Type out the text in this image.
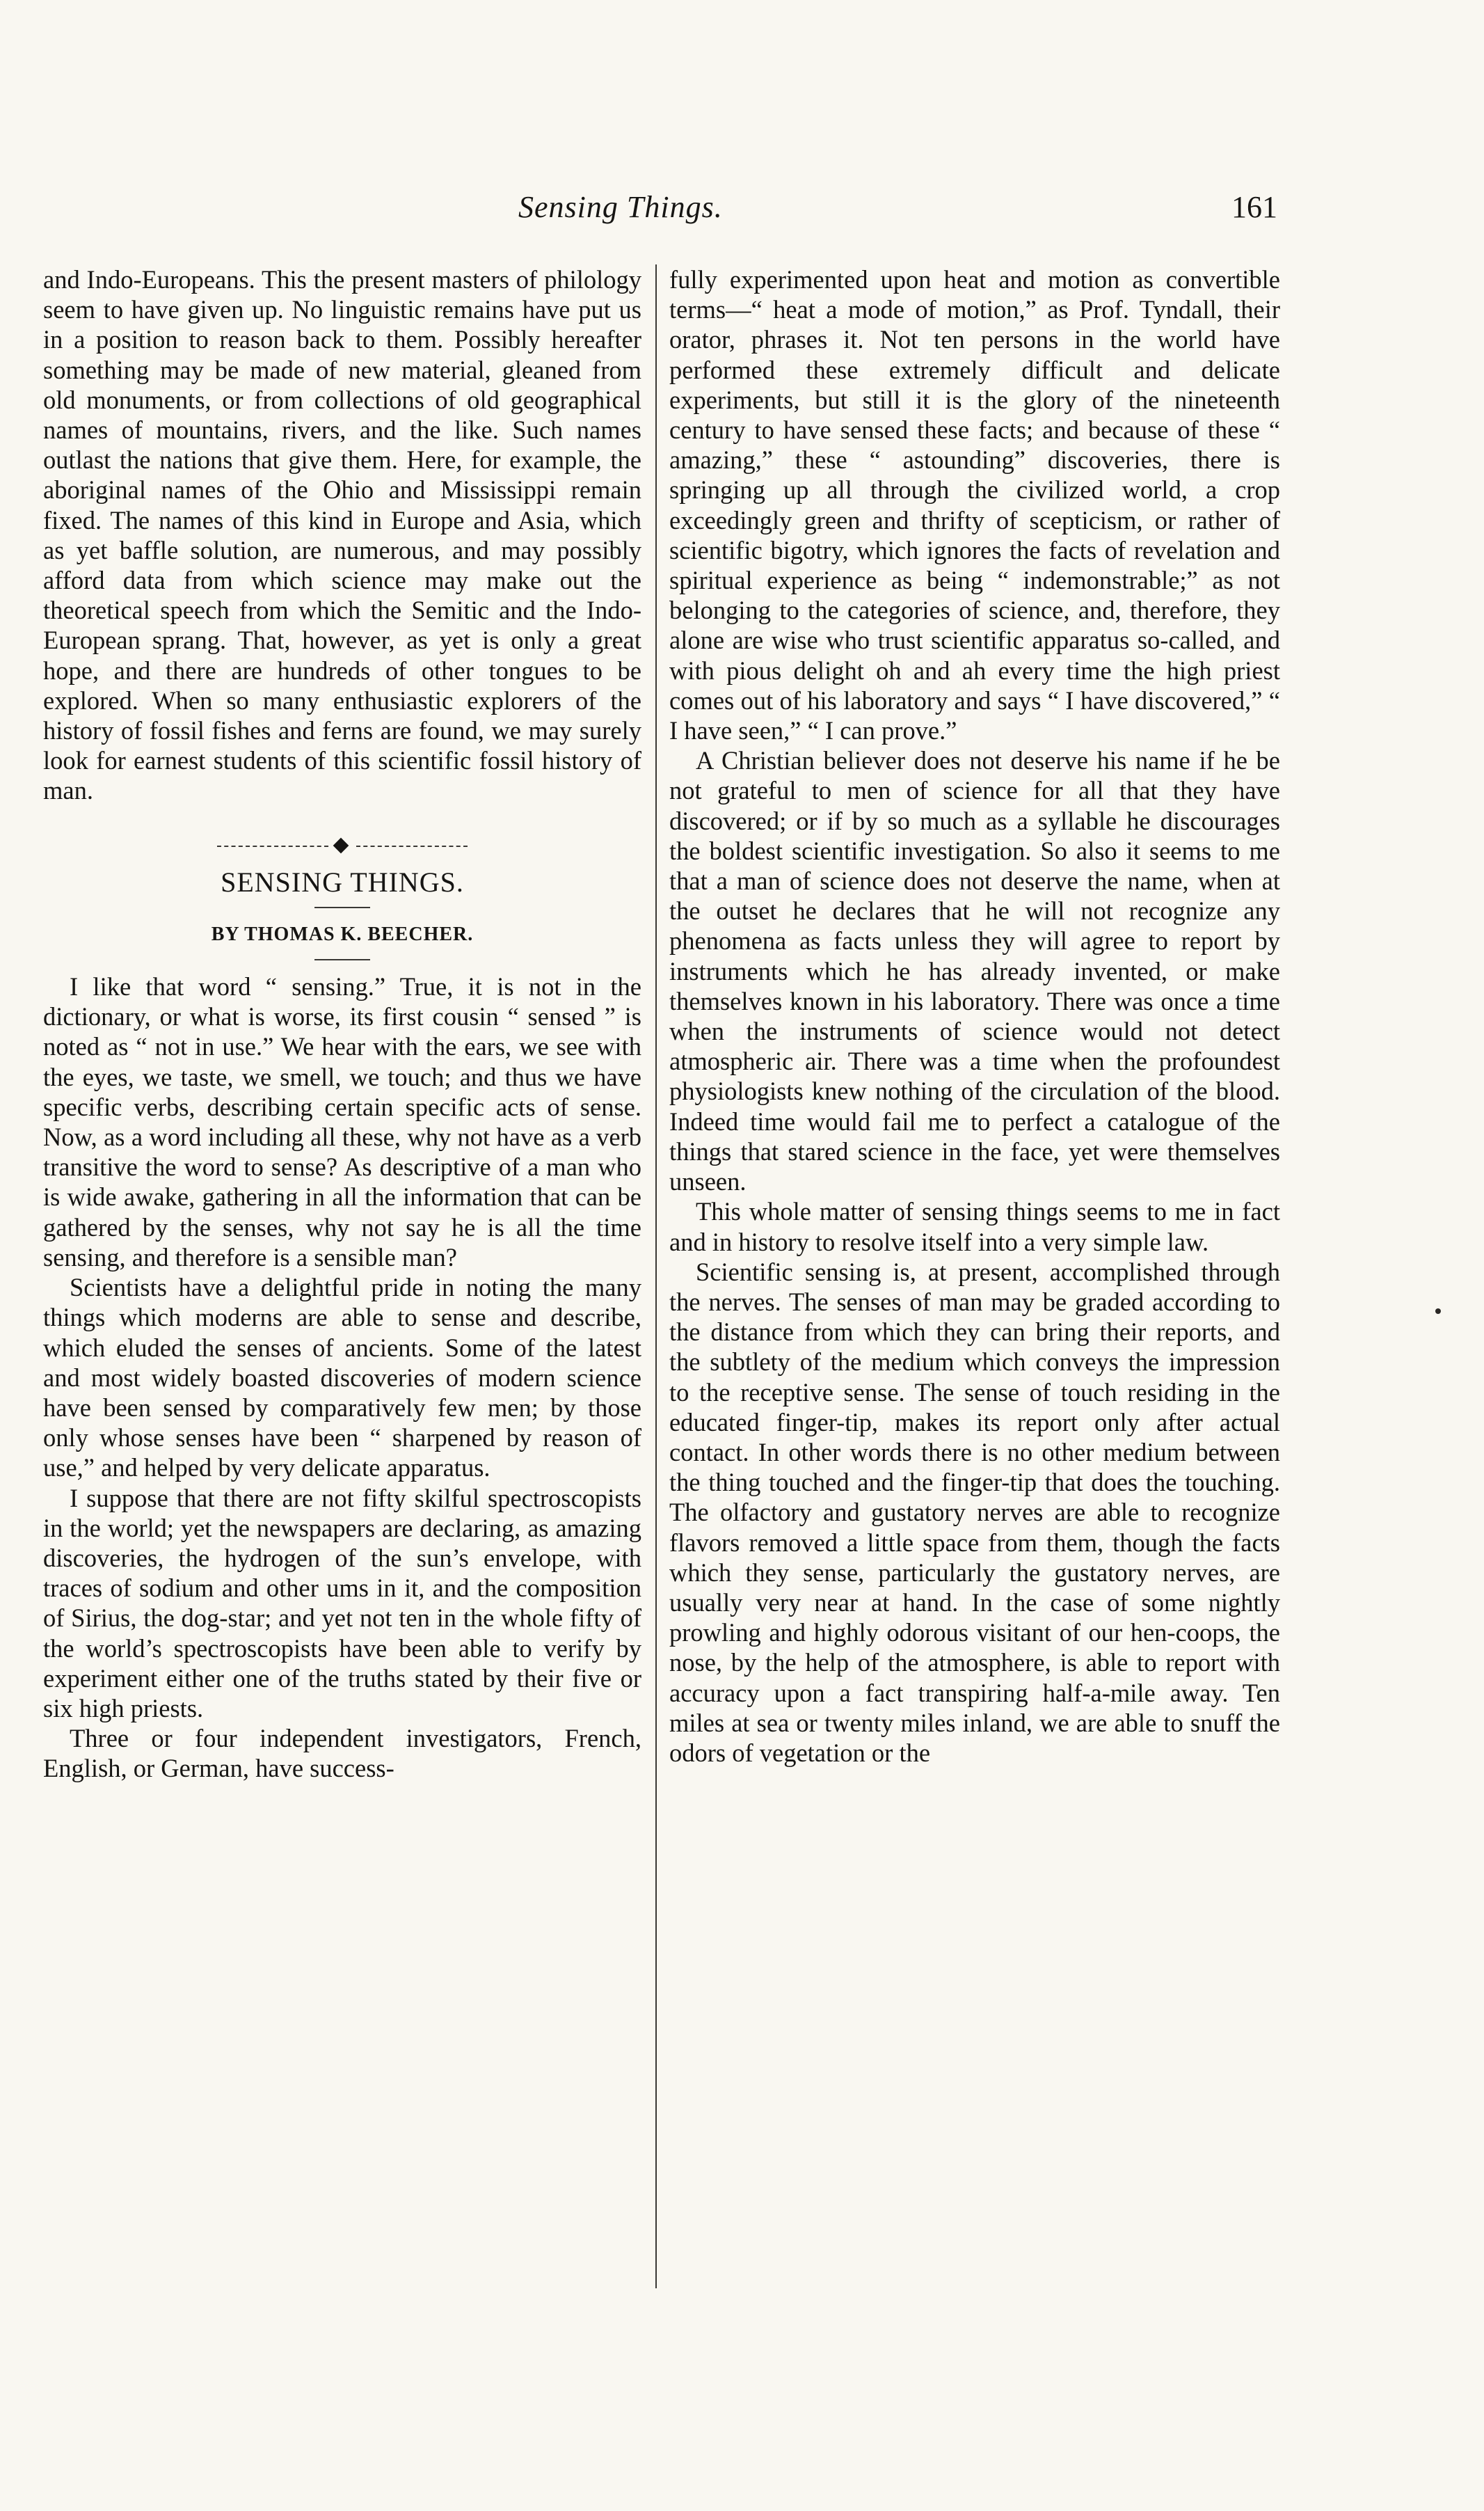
Sensing Things.	161

and Indo-Europeans. This the present masters of philology seem to have given up. No linguistic remains have put us in a position to reason back to them. Possibly hereafter something may be made of new material, gleaned from old monuments, or from collections of old geographical names of mountains, rivers, and the like. Such names outlast the nations that give them. Here, for example, the aboriginal names of the Ohio and Mississippi remain fixed. The names of this kind in Europe and Asia, which as yet baffle solution, are numerous, and may possibly afford data from which science may make out the theoretical speech from which the Semitic and the Indo-European sprang. That, however, as yet is only a great hope, and there are hundreds of other tongues to be explored. When so many enthusiastic explorers of the history of fossil fishes and ferns are found, we may surely look for earnest students of this scientific fossil history of man.

SENSING THINGS.

BY THOMAS K. BEECHER.

I like that word “ sensing.” True, it is not in the dictionary, or what is worse, its first cousin “ sensed ” is noted as “ not in use.” We hear with the ears, we see with the eyes, we taste, we smell, we touch; and thus we have specific verbs, describing certain specific acts of sense. Now, as a word including all these, why not have as a verb transitive the word to sense? As descriptive of a man who is wide awake, gathering in all the information that can be gathered by the senses, why not say he is all the time sensing, and therefore is a sensible man?

Scientists have a delightful pride in noting the many things which moderns are able to sense and describe, which eluded the senses of ancients. Some of the latest and most widely boasted discoveries of modern science have been sensed by comparatively few men; by those only whose senses have been “ sharpened by reason of use,” and helped by very delicate apparatus.

I suppose that there are not fifty skilful spectroscopists in the world; yet the newspapers are declaring, as amazing discoveries, the hydrogen of the sun’s envelope, with traces of sodium and other ums in it, and the composition of Sirius, the dog-star; and yet not ten in the whole fifty of the world’s spectroscopists have been able to verify by experiment either one of the truths stated by their five or six high priests.

Three or four independent investigators, French, English, or German, have success-

fully experimented upon heat and motion as convertible terms—“ heat a mode of motion,” as Prof. Tyndall, their orator, phrases it. Not ten persons in the world have performed these extremely difficult and delicate experiments, but still it is the glory of the nineteenth century to have sensed these facts; and because of these “ amazing,” these “ astounding” discoveries, there is springing up all through the civilized world, a crop exceedingly green and thrifty of scepticism, or rather of scientific bigotry, which ignores the facts of revelation and spiritual experience as being “ indemonstrable;” as not belonging to the categories of science, and, therefore, they alone are wise who trust scientific apparatus so-called, and with pious delight oh and ah every time the high priest comes out of his laboratory and says “ I have discovered,” “ I have seen,” “ I can prove.”

A Christian believer does not deserve his name if he be not grateful to men of science for all that they have discovered; or if by so much as a syllable he discourages the boldest scientific investigation. So also it seems to me that a man of science does not deserve the name, when at the outset he declares that he will not recognize any phenomena as facts unless they will agree to report by instruments which he has already invented, or make themselves known in his laboratory. There was once a time when the instruments of science would not detect atmospheric air. There was a time when the profoundest physiologists knew nothing of the circulation of the blood. Indeed time would fail me to perfect a catalogue of the things that stared science in the face, yet were themselves unseen.

This whole matter of sensing things seems to me in fact and in history to resolve itself into a very simple law.

Scientific sensing is, at present, accomplished through the nerves. The senses of man may be graded according to the distance from which they can bring their reports, and the subtlety of the medium which conveys the impression to the receptive sense. The sense of touch residing in the educated finger-tip, makes its report only after actual contact. In other words there is no other medium between the thing touched and the finger-tip that does the touching. The olfactory and gustatory nerves are able to recognize flavors removed a little space from them, though the facts which they sense, particularly the gustatory nerves, are usually very near at hand. In the case of some nightly prowling and highly odorous visitant of our hen-coops, the nose, by the help of the atmosphere, is able to report with accuracy upon a fact transpiring half-a-mile away. Ten miles at sea or twenty miles inland, we are able to snuff the odors of vegetation or the
